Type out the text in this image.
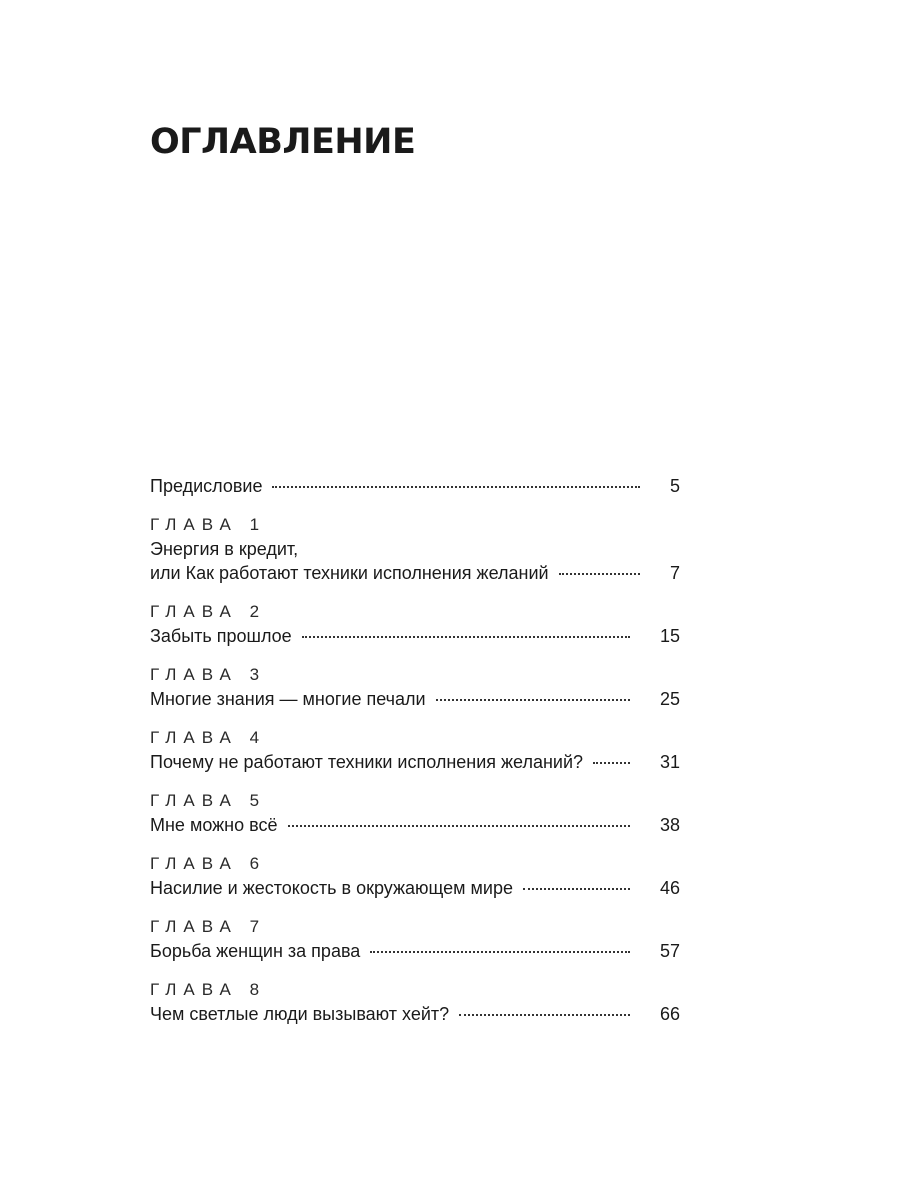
ОГЛАВЛЕНИЕ
Предисловие	5
ГЛАВА 1
Энергия в кредит,
или Как работают техники исполнения желаний	7
ГЛАВА 2
Забыть прошлое	15
ГЛАВА 3
Многие знания — многие печали	25
ГЛАВА 4
Почему не работают техники исполнения желаний?	31
ГЛАВА 5
Мне можно всё	38
ГЛАВА 6
Насилие и жестокость в окружающем мире	46
ГЛАВА 7
Борьба женщин за права	57
ГЛАВА 8
Чем светлые люди вызывают хейт?	66
